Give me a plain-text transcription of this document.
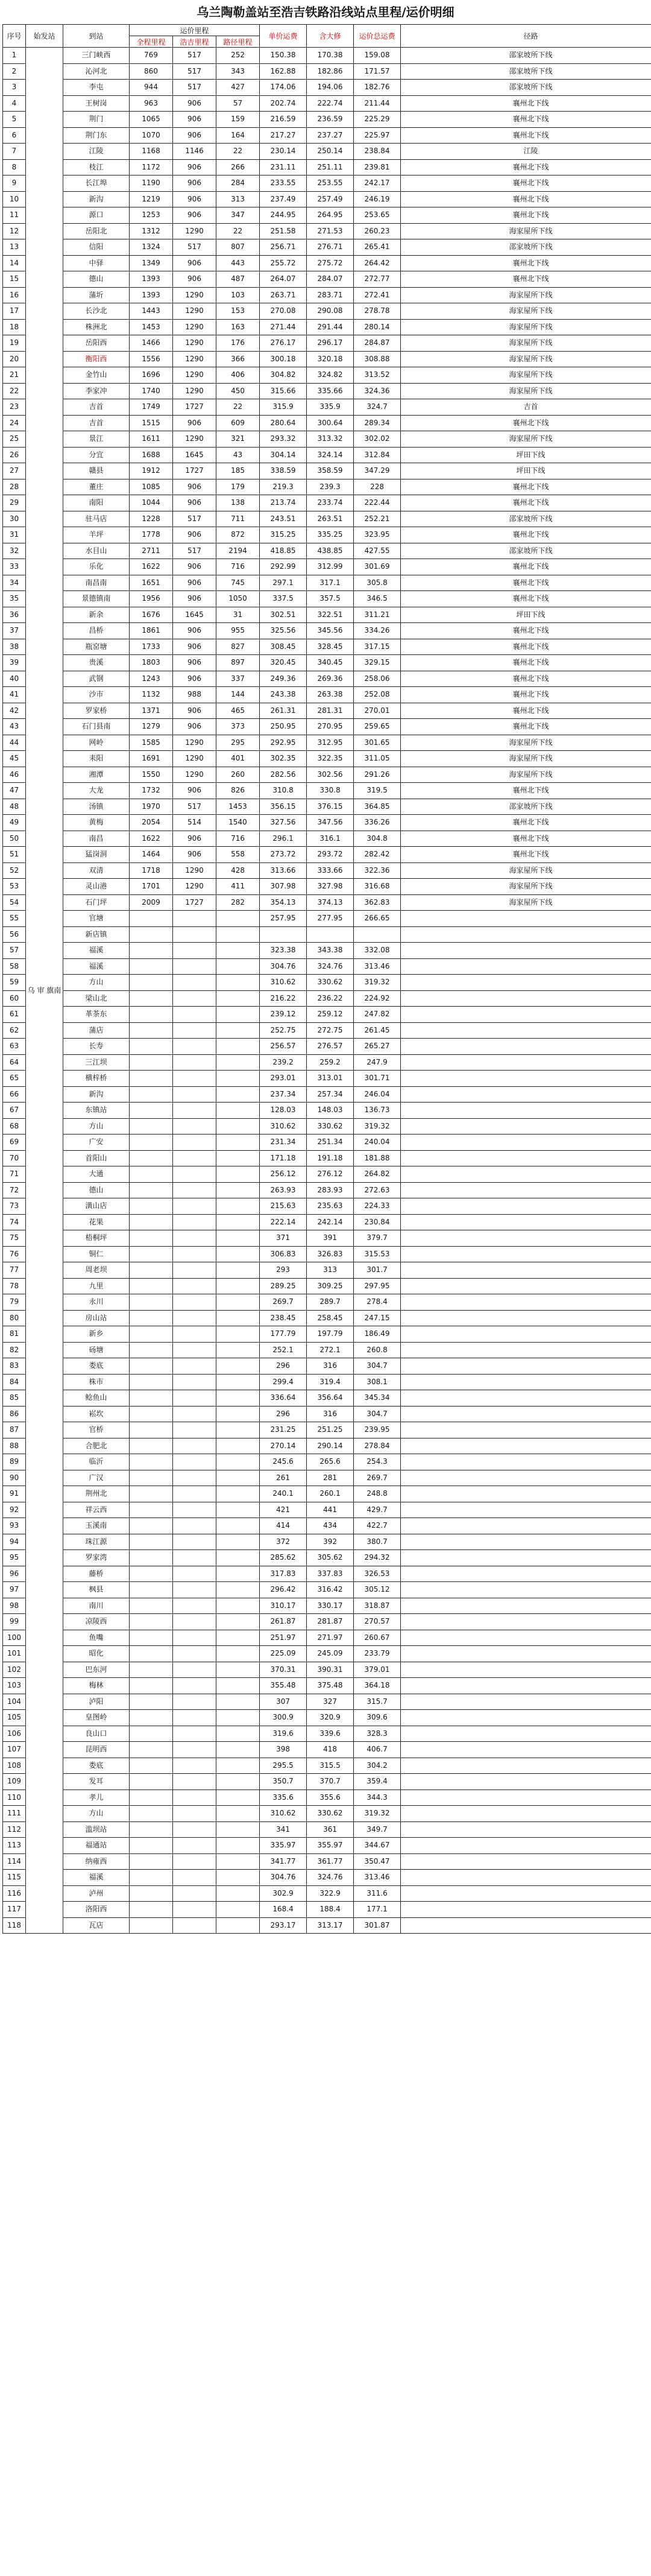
乌兰陶勒盖站至浩吉铁路沿线站点里程/运价明细
序号	始发站	到站	运价里程			单价运费	含大修	运价总运费	径路
			全程里程	浩吉里程	路径里程				
1	乌 审 旗南	三门峡西	769	517	252	150.38	170.38	159.08	邵家坡所下线
2		沁河北	860	517	343	162.88	182.86	171.57	邵家坡所下线
3		李屯	944	517	427	174.06	194.06	182.76	邵家坡所下线
4		王树岗	963	906	57	202.74	222.74	211.44	襄州北下线
5		荆门	1065	906	159	216.59	236.59	225.29	襄州北下线
6		荆门东	1070	906	164	217.27	237.27	225.97	襄州北下线
7		江陵	1168	1146	22	230.14	250.14	238.84	江陵
8		枝江	1172	906	266	231.11	251.11	239.81	襄州北下线
9		长江埠	1190	906	284	233.55	253.55	242.17	襄州北下线
10		新沟	1219	906	313	237.49	257.49	246.19	襄州北下线
11		源口	1253	906	347	244.95	264.95	253.65	襄州北下线
12		岳阳北	1312	1290	22	251.58	271.53	260.23	海家屋所下线
13		信阳	1324	517	807	256.71	276.71	265.41	邵家坡所下线
14		中驿	1349	906	443	255.72	275.72	264.42	襄州北下线
15		德山	1393	906	487	264.07	284.07	272.77	襄州北下线
16		蒲圻	1393	1290	103	263.71	283.71	272.41	海家屋所下线
17		长沙北	1443	1290	153	270.08	290.08	278.78	海家屋所下线
18		株洲北	1453	1290	163	271.44	291.44	280.14	海家屋所下线
19		岳阳西	1466	1290	176	276.17	296.17	284.87	海家屋所下线
20		衡阳西	1556	1290	366	300.18	320.18	308.88	海家屋所下线
21		金竹山	1696	1290	406	304.82	324.82	313.52	海家屋所下线
22		李家冲	1740	1290	450	315.66	335.66	324.36	海家屋所下线
23		吉首	1749	1727	22	315.9	335.9	324.7	吉首
24		吉首	1515	906	609	280.64	300.64	289.34	襄州北下线
25		景江	1611	1290	321	293.32	313.32	302.02	海家屋所下线
26		分宜	1688	1645	43	304.14	324.14	312.84	坪田下线
27		赣县	1912	1727	185	338.59	358.59	347.29	坪田下线
28		董庄	1085	906	179	219.3	239.3	228	襄州北下线
29		南阳	1044	906	138	213.74	233.74	222.44	襄州北下线
30		驻马店	1228	517	711	243.51	263.51	252.21	邵家坡所下线
31		羊坪	1778	906	872	315.25	335.25	323.95	襄州北下线
32		水目山	2711	517	2194	418.85	438.85	427.55	邵家坡所下线
33		乐化	1622	906	716	292.99	312.99	301.69	襄州北下线
34		南昌南	1651	906	745	297.1	317.1	305.8	襄州北下线
35		景德镇南	1956	906	1050	337.5	357.5	346.5	襄州北下线
36		新余	1676	1645	31	302.51	322.51	311.21	坪田下线
37		昌桥	1861	906	955	325.56	345.56	334.26	襄州北下线
38		瓶窑塘	1733	906	827	308.45	328.45	317.15	襄州北下线
39		贵溪	1803	906	897	320.45	340.45	329.15	襄州北下线
40		武钢	1243	906	337	249.36	269.36	258.06	襄州北下线
41		沙市	1132	988	144	243.38	263.38	252.08	襄州北下线
42		罗家桥	1371	906	465	261.31	281.31	270.01	襄州北下线
43		石门县南	1279	906	373	250.95	270.95	259.65	襄州北下线
44		网岭	1585	1290	295	292.95	312.95	301.65	海家屋所下线
45		耒阳	1691	1290	401	302.35	322.35	311.05	海家屋所下线
46		湘潭	1550	1290	260	282.56	302.56	291.26	海家屋所下线
47		大龙	1732	906	826	310.8	330.8	319.5	襄州北下线
48		汤镇	1970	517	1453	356.15	376.15	364.85	邵家坡所下线
49		黄梅	2054	514	1540	327.56	347.56	336.26	襄州北下线
50		南昌	1622	906	716	296.1	316.1	304.8	襄州北下线
51		猛岗洞	1464	906	558	273.72	293.72	282.42	襄州北下线
52		双清	1718	1290	428	313.66	333.66	322.36	海家屋所下线
53		灵山港	1701	1290	411	307.98	327.98	316.68	海家屋所下线
54		石门坪	2009	1727	282	354.13	374.13	362.83	海家屋所下线
55		官塘				257.95	277.95	266.65	
56		新店镇							
57		福溪				323.38	343.38	332.08	
58		福溪				304.76	324.76	313.46	
59		方山				310.62	330.62	319.32	
60		梁山北				216.22	236.22	224.92	
61		革茶东				239.12	259.12	247.82	
62		蒲店				252.75	272.75	261.45	
63		长寿				256.57	276.57	265.27	
64		三江坝				239.2	259.2	247.9	
65		横梓桥				293.01	313.01	301.71	
66		新沟				237.34	257.34	246.04	
67		东镇站				128.03	148.03	136.73	
68		方山				310.62	330.62	319.32	
69		广安				231.34	251.34	240.04	
70		首阳山				171.18	191.18	181.88	
71		大通				256.12	276.12	264.82	
72		德山				263.93	283.93	272.63	
73		潢山店				215.63	235.63	224.33	
74		花果				222.14	242.14	230.84	
75		梧桐坪				371	391	379.7	
76		铜仁				306.83	326.83	315.53	
77		周老坝				293	313	301.7	
78		九里				289.25	309.25	297.95	
79		永川				269.7	289.7	278.4	
80		房山站				238.45	258.45	247.15	
81		新乡				177.79	197.79	186.49	
82		砀塘				252.1	272.1	260.8	
83		娄底				296	316	304.7	
84		株市				299.4	319.4	308.1	
85		鲶鱼山				336.64	356.64	345.34	
86		崧坎				296	316	304.7	
87		官桥				231.25	251.25	239.95	
88		合肥北				270.14	290.14	278.84	
89		临沂				245.6	265.6	254.3	
90		广汉				261	281	269.7	
91		荆州北				240.1	260.1	248.8	
92		祥云西				421	441	429.7	
93		玉溪南				414	434	422.7	
94		珠江源				372	392	380.7	
95		罗家湾				285.62	305.62	294.32	
96		藤桥				317.83	337.83	326.53	
97		枫县				296.42	316.42	305.12	
98		南川				310.17	330.17	318.87	
99		凉陵西				261.87	281.87	270.57	
100		鱼嘴				251.97	271.97	260.67	
101		昭化				225.09	245.09	233.79	
102		巴东河				370.31	390.31	379.01	
103		梅林				355.48	375.48	364.18	
104		泸阳				307	327	315.7	
105		皇图岭				300.9	320.9	309.6	
106		良山口				319.6	339.6	328.3	
107		昆明西				398	418	406.7	
108		娄底				295.5	315.5	304.2	
109		发耳				350.7	370.7	359.4	
110		孝儿				335.6	355.6	344.3	
111		方山				310.62	330.62	319.32	
112		滥坝站				341	361	349.7	
113		福通站				335.97	355.97	344.67	
114		纳雍西				341.77	361.77	350.47	
115		福溪				304.76	324.76	313.46	
116		泸州				302.9	322.9	311.6	
117		洛阳西				168.4	188.4	177.1	
118		瓦店				293.17	313.17	301.87	
